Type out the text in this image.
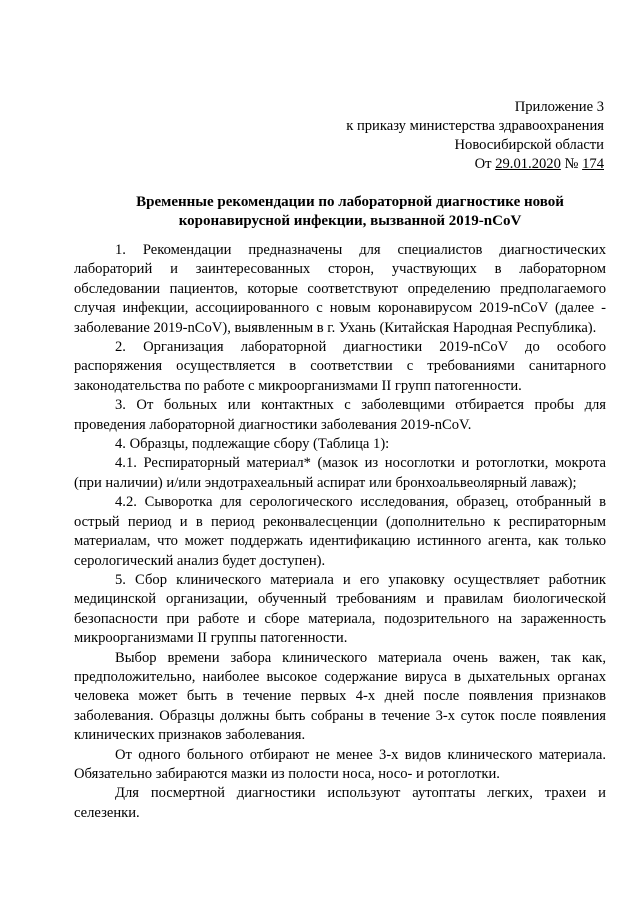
Приложение 3
к приказу министерства здравоохранения
Новосибирской области
От 29.01.2020 № 174
Временные рекомендации по лабораторной диагностике новой
коронавирусной инфекции, вызванной 2019-nCoV

1. Рекомендации предназначены для специалистов диагностических лабораторий и заинтересованных сторон, участвующих в лабораторном обследовании пациентов, которые соответствуют определению предполагаемого случая инфекции, ассоциированного с новым коронавирусом 2019-nCoV (далее - заболевание 2019-nCoV), выявленным в г. Ухань (Китайская Народная Республика).

2. Организация лабораторной диагностики 2019-nCoV до особого распоряжения осуществляется в соответствии с требованиями санитарного законодательства по работе с микроорганизмами II групп патогенности.

3. От больных или контактных с заболевщими отбирается пробы для проведения лабораторной диагностики заболевания 2019-nCoV.

4. Образцы, подлежащие сбору (Таблица 1):

4.1. Респираторный материал* (мазок из носоглотки и ротоглотки, мокрота (при наличии) и/или эндотрахеальный аспират или бронхоальвеолярный лаваж);

4.2. Сыворотка для серологического исследования, образец, отобранный в острый период и в период реконвалесценции (дополнительно к респираторным материалам, что может поддержать идентификацию истинного агента, как только серологический анализ будет доступен).

5. Сбор клинического материала и его упаковку осуществляет работник медицинской организации, обученный требованиям и правилам биологической безопасности при работе и сборе материала, подозрительного на зараженность микроорганизмами II группы патогенности.

Выбор времени забора клинического материала очень важен, так как, предположительно, наиболее высокое содержание вируса в дыхательных органах человека может быть в течение первых 4-х дней после появления признаков заболевания. Образцы должны быть собраны в течение 3-х суток после появления клинических признаков заболевания.

От одного больного отбирают не менее 3-х видов клинического материала. Обязательно забираются мазки из полости носа, носо- и ротоглотки.

Для посмертной диагностики используют аутоптаты легких, трахеи и селезенки.
